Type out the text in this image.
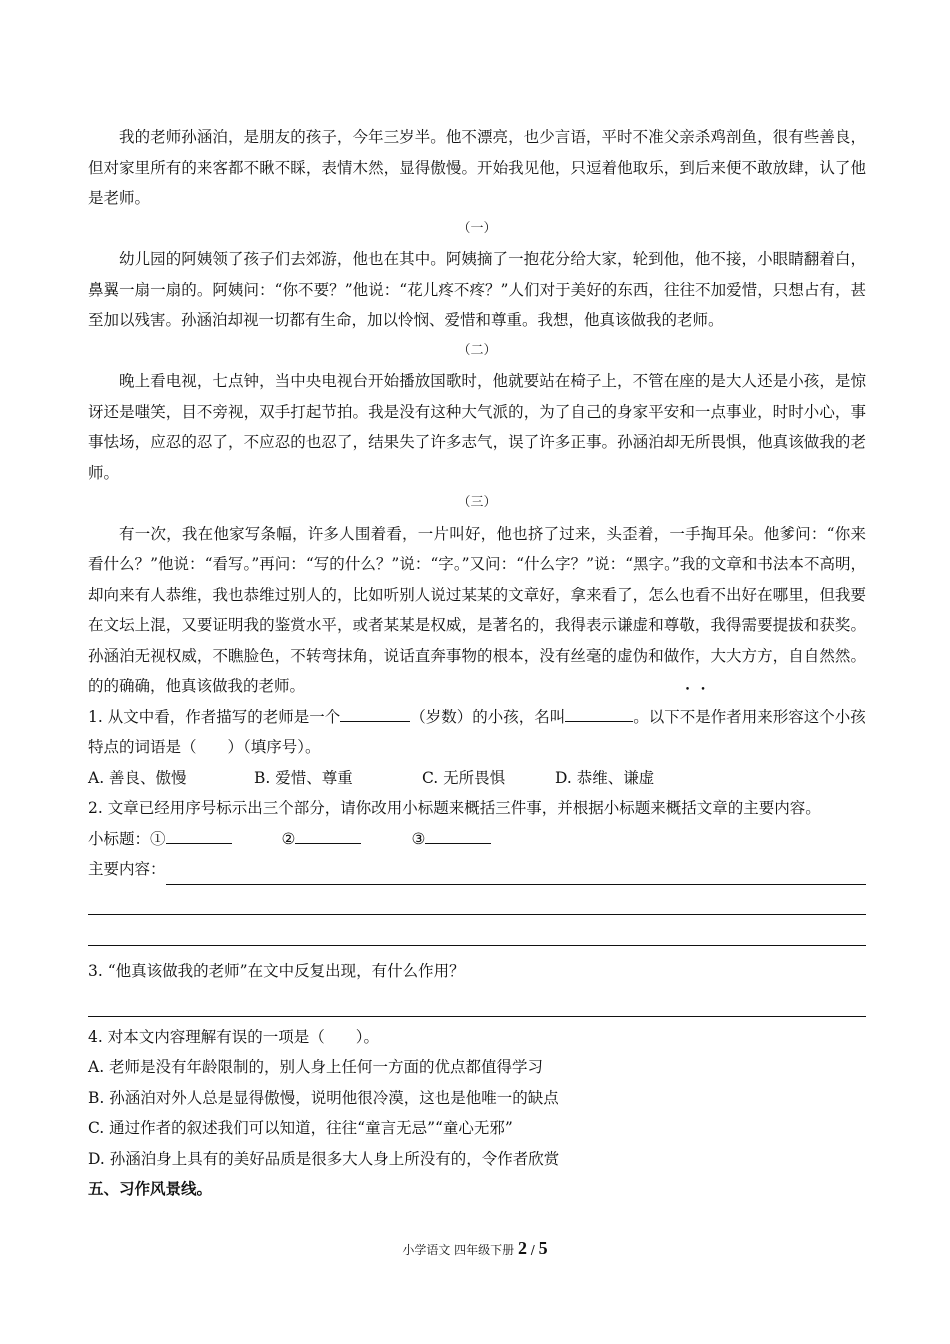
我的老师孙涵泊，是朋友的孩子，今年三岁半。他不漂亮，也少言语，平时不准父亲杀鸡剖鱼，很有些善良，但对家里所有的来客都不瞅不睬，表情木然，显得傲慢。开始我见他，只逗着他取乐，到后来便不敢放肆，认了他是老师。

（一）

幼儿园的阿姨领了孩子们去郊游，他也在其中。阿姨摘了一抱花分给大家，轮到他，他不接，小眼睛翻着白，鼻翼一扇一扇的。阿姨问：“你不要？”他说：“花儿疼不疼？”人们对于美好的东西，往往不加爱惜，只想占有，甚至加以残害。孙涵泊却视一切都有生命，加以怜悯、爱惜和尊重。我想，他真该做我的老师。

（二）

晚上看电视，七点钟，当中央电视台开始播放国歌时，他就要站在椅子上，不管在座的是大人还是小孩，是惊讶还是嗤笑，目不旁视，双手打起节拍。我是没有这种大气派的，为了自己的身家平安和一点事业，时时小心，事事怯场，应忍的忍了，不应忍的也忍了，结果失了许多志气，误了许多正事。孙涵泊却无所畏惧，他真该做我的老师。

（三）

有一次，我在他家写条幅，许多人围着看，一片叫好，他也挤了过来，头歪着，一手掏耳朵。他爹问：“你来看什么？”他说：“看写。”再问：“写的什么？”说：“字。”又问：“什么字？”说：“黑字。”我的文章和书法本不高明，却向来有人恭维，我也恭维过别人的，比如听别人说过某某的文章好，拿来看了，怎么也看不出好在哪里，但我要在文坛上混，又要证明我的鉴赏水平，或者某某是权威，是著名的，我得表示谦虚和尊敬，我得需要提拔和获奖。孙涵泊无视权威，不瞧脸色，不转弯抹角，说话直奔事物的根本，没有丝毫的虚伪和做作，大大方方，自自然然。的的确确，他真该做我的老师。

1. 从文中看，作者描写的老师是一个	（岁数）的小孩，名叫	。以下不是作者用来形容这个小孩特点的词语是（　　）（填序号）。

A. 善良、傲慢	B. 爱惜、尊重	C. 无所畏惧	D. 恭维、谦虚

2. 文章已经用序号标示出三个部分，请你改用小标题来概括三件事，并根据小标题来概括文章的主要内容。

小标题：①	②	③

主要内容：

3. “他真该做我的老师”在文中反复出现，有什么作用？

4. 对本文内容理解有误的一项是（　　）。

A. 老师是没有年龄限制的，别人身上任何一方面的优点都值得学习

B. 孙涵泊对外人总是显得傲慢，说明他很冷漠，这也是他唯一的缺点

C. 通过作者的叙述我们可以知道，往往“童言无忌”“童心无邪”

D. 孙涵泊身上具有的美好品质是很多大人身上所没有的，令作者欣赏

五、习作风景线。

小学语文 四年级下册 2 / 5
